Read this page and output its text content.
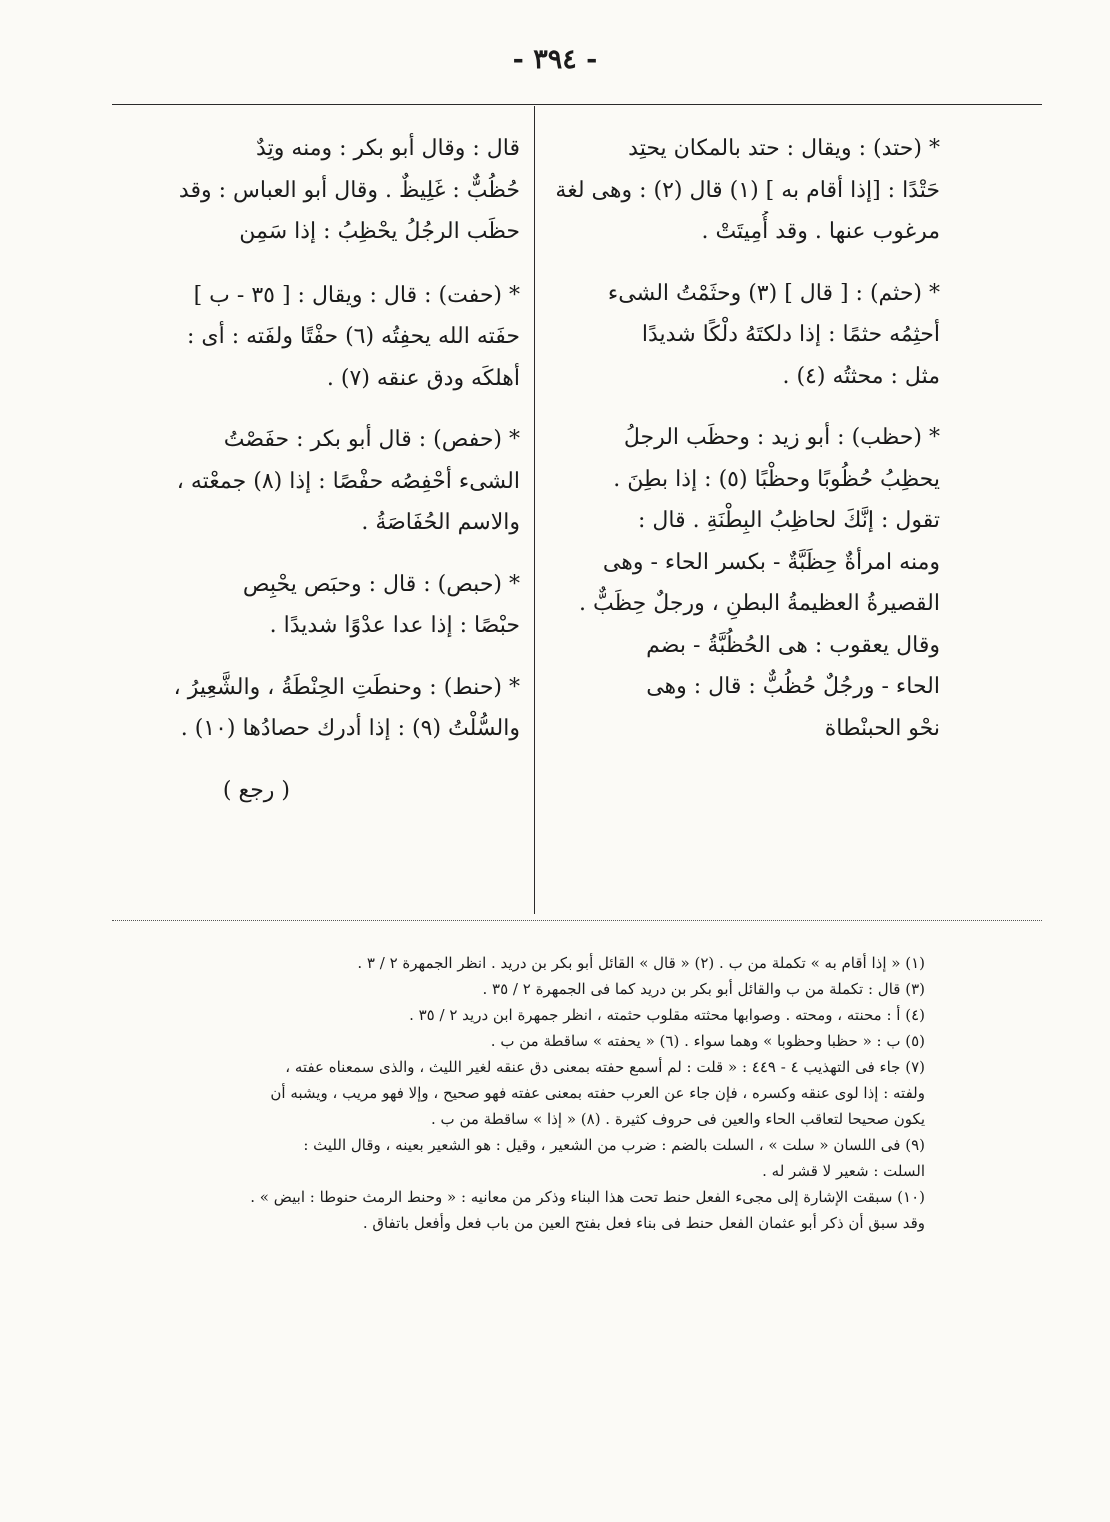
- ٣٩٤ -
* (حتد) : ويقال : حتد بالمكان يحتِد
حَتْدًا : [إذا أقام به ] (١) قال (٢) : وهى لغة
مرغوب عنها . وقد أُمِيتَتْ .
* (حثم) : [ قال ] (٣) وحثَمْتُ الشىء
أحثِمُه حثمًا : إذا دلكتَهُ دلْكًا شديدًا
مثل : محثتُه (٤) .
* (حظب) : أبو زيد : وحظَب الرجلُ
يحظِبُ حُظُوبًا وحظْبًا (٥) : إذا بطِنَ .
تقول : إنَّكَ لحاظِبُ البِطْنَةِ . قال :
ومنه امرأةٌ حِظَبَّةٌ - بكسر الحاء - وهى
القصيرةُ العظيمةُ البطنِ ، ورجلٌ حِظَبٌّ .
وقال يعقوب : هى الحُظُبَّةُ - بضم
الحاء - ورجُلٌ حُظُبٌّ : قال : وهى
نحْو الحبنْطاة
قال : وقال أبو بكر : ومنه وتِدٌ
حُظُبٌّ : غَلِيظٌ . وقال أبو العباس : وقد
حظَب الرجُلُ يحْظِبُ : إذا سَمِن
* (حفت) : قال : ويقال : [ ٣٥ - ب ]
حفَته الله يحفِتُه (٦) حفْتًا ولفَته : أى :
أهلكَه ودق عنقه (٧) .
* (حفص) : قال أبو بكر : حفَصْتُ
الشىء أحْفِصُه حفْصًا : إذا (٨) جمعْته ،
والاسم الحُفَاصَةُ .
* (حبص) : قال : وحبَص يحْبِص
حبْصًا : إذا عدا عدْوًا شديدًا .
* (حنط) : وحنطَتِ الحِنْطَةُ ، والشَّعِيرُ ،
والسُّلْتُ (٩) : إذا أدرك حصادُها (١٠) .
( رجع )
(١) « إذا أقام به » تكملة من ب . (٢) « قال » القائل أبو بكر بن دريد . انظر الجمهرة ٢ / ٣ .
(٣) قال : تكملة من ب والقائل أبو بكر بن دريد كما فى الجمهرة ٢ / ٣٥ .
(٤) أ : محنته ، ومحته . وصوابها محثته مقلوب حثمته ، انظر جمهرة ابن دريد ٢ / ٣٥ .
(٥) ب : « حظبا وحظوبا » وهما سواء . (٦) « يحفته » ساقطة من ب .
(٧) جاء فى التهذيب ٤ - ٤٤٩ : « قلت : لم أسمع حفته بمعنى دق عنقه لغير الليث ، والذى سمعناه عفته ،
ولفته : إذا لوى عنقه وكسره ، فإن جاء عن العرب حفته بمعنى عفته فهو صحيح ، وإلا فهو مريب ، ويشبه أن
يكون صحيحا لتعاقب الحاء والعين فى حروف كثيرة . (٨) « إذا » ساقطة من ب .
(٩) فى اللسان « سلت » ، السلت بالضم : ضرب من الشعير ، وقيل : هو الشعير بعينه ، وقال الليث :
السلت : شعير لا قشر له .
(١٠) سبقت الإشارة إلى مجىء الفعل حنط تحت هذا البناء وذكر من معانيه : « وحنط الرمث حنوطا : ابيض » .
وقد سبق أن ذكر أبو عثمان الفعل حنط فى بناء فعل بفتح العين من باب فعل وأفعل باتفاق .
